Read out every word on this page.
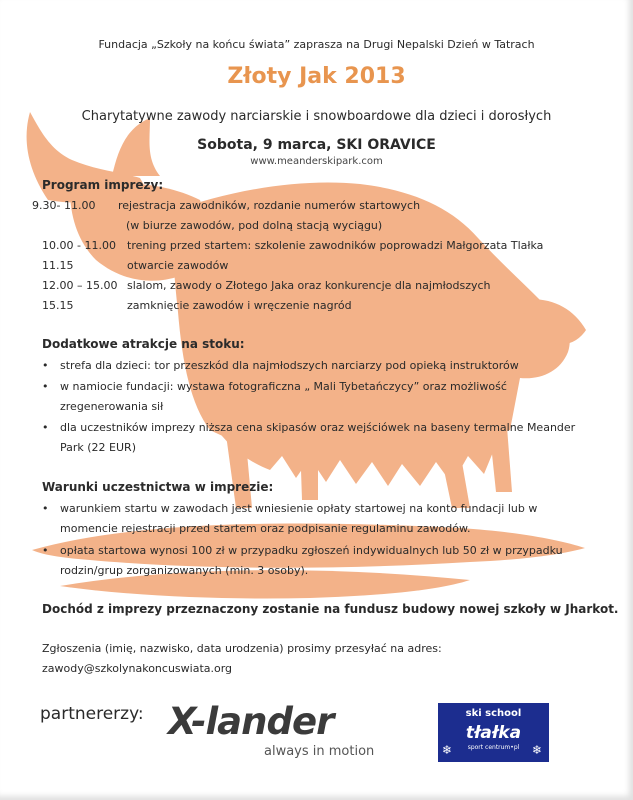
Fundacja „Szkoły na końcu świata” zaprasza na Drugi Nepalski Dzień w Tatrach
Złoty Jak 2013
Charytatywne zawody narciarskie i snowboardowe dla dzieci i dorosłych
Sobota, 9 marca, SKI ORAVICE
www.meanderskipark.com
Program imprezy:
9.30- 11.00 rejestracja zawodników, rozdanie numerów startowych
(w biurze zawodów, pod dolną stacją wyciągu)
10.00 - 11.00 trening przed startem: szkolenie zawodników poprowadzi Małgorzata Tlałka
11.15	otwarcie zawodów
12.00 – 15.00 slalom, zawody o Złotego Jaka oraz konkurencje dla najmłodszych
15.15	zamknięcie zawodów i wręczenie nagród
Dodatkowe atrakcje na stoku:
• strefa dla dzieci: tor przeszkód dla najmłodszych narciarzy pod opieką instruktorów
• w namiocie fundacji: wystawa fotograficzna „ Mali Tybetańczycy” oraz możliwość
zregenerowania sił
• dla uczestników imprezy niższa cena skipasów oraz wejściówek na baseny termalne Meander
Park (22 EUR)
Warunki uczestnictwa w imprezie:
• warunkiem startu w zawodach jest wniesienie opłaty startowej na konto fundacji lub w
momencie rejestracji przed startem oraz podpisanie regulaminu zawodów.
• opłata startowa wynosi 100 zł w przypadku zgłoszeń indywidualnych lub 50 zł w przypadku
rodzin/grup zorganizowanych (min. 3 osoby).
Dochód z imprezy przeznaczony zostanie na fundusz budowy nowej szkoły w Jharkot.
Zgłoszenia (imię, nazwisko, data urodzenia) prosimy przesyłać na adres:
zawody@szkolynakoncuswiata.org
partnererzy: X-lander
always in motion
ski school
tłałka
sport centrum•pl
❄	❄
